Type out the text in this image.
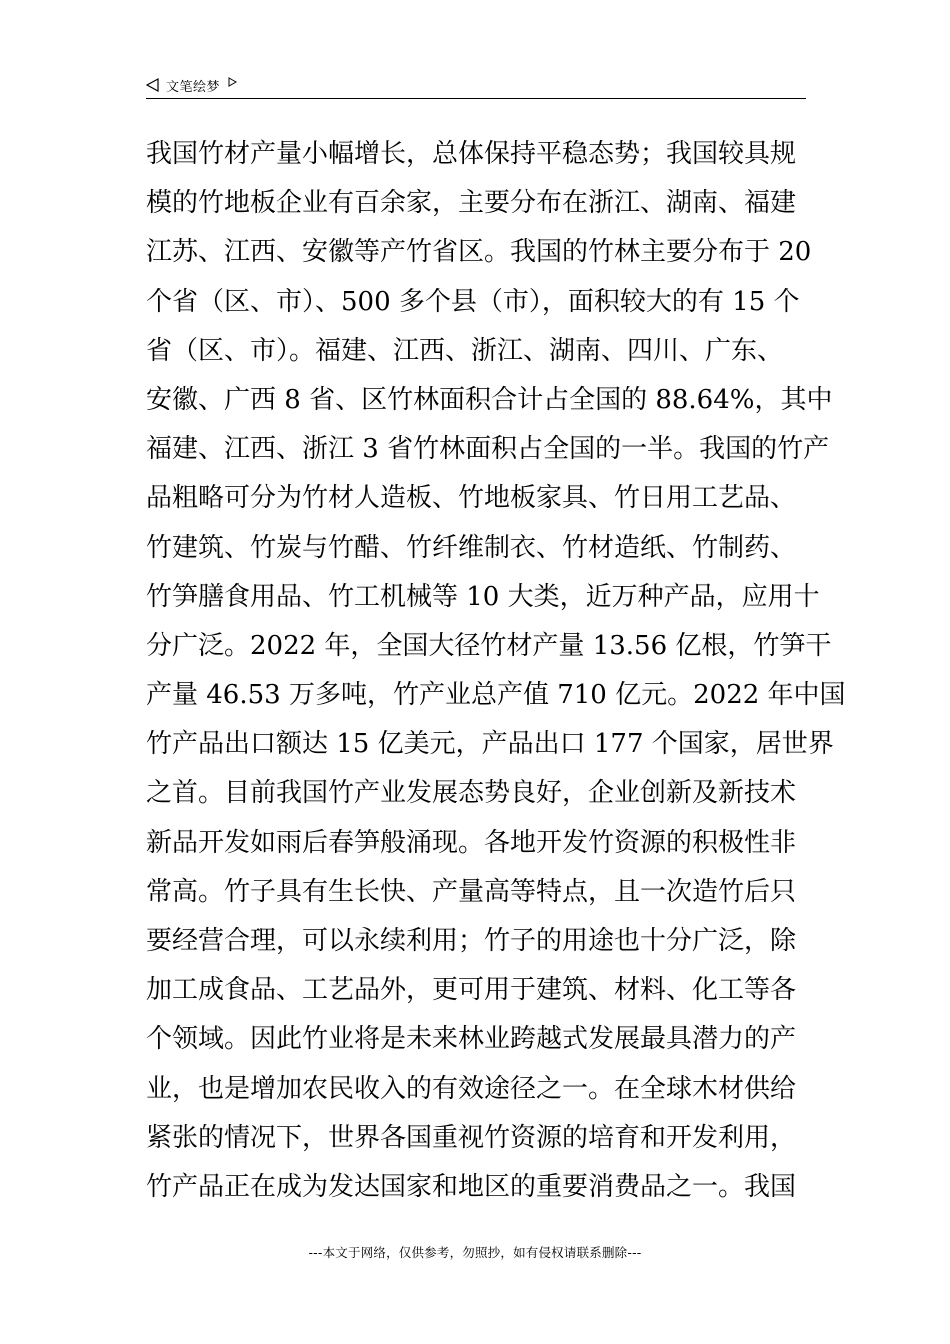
文笔绘梦
我国竹材产量小幅增长，总体保持平稳态势；我国较具规
模的竹地板企业有百余家，主要分布在浙江、湖南、福建
江苏、江西、安徽等产竹省区。我国的竹林主要分布于 20
个省（区、市）、500 多个县（市），面积较大的有 15 个
省（区、市）。福建、江西、浙江、湖南、四川、广东、
安徽、广西 8 省、区竹林面积合计占全国的 88.64%，其中
福建、江西、浙江 3 省竹林面积占全国的一半。我国的竹产
品粗略可分为竹材人造板、竹地板家具、竹日用工艺品、
竹建筑、竹炭与竹醋、竹纤维制衣、竹材造纸、竹制药、
竹笋膳食用品、竹工机械等 10 大类，近万种产品，应用十
分广泛。2022 年，全国大径竹材产量 13.56 亿根，竹笋干
产量 46.53 万多吨，竹产业总产值 710 亿元。2022 年中国
竹产品出口额达 15 亿美元，产品出口 177 个国家，居世界
之首。目前我国竹产业发展态势良好，企业创新及新技术
新品开发如雨后春笋般涌现。各地开发竹资源的积极性非
常高。竹子具有生长快、产量高等特点，且一次造竹后只
要经营合理，可以永续利用；竹子的用途也十分广泛，除
加工成食品、工艺品外，更可用于建筑、材料、化工等各
个领域。因此竹业将是未来林业跨越式发展最具潜力的产
业，也是增加农民收入的有效途径之一。在全球木材供给
紧张的情况下，世界各国重视竹资源的培育和开发利用，
竹产品正在成为发达国家和地区的重要消费品之一。我国
---本文于网络，仅供参考，勿照抄，如有侵权请联系删除---
